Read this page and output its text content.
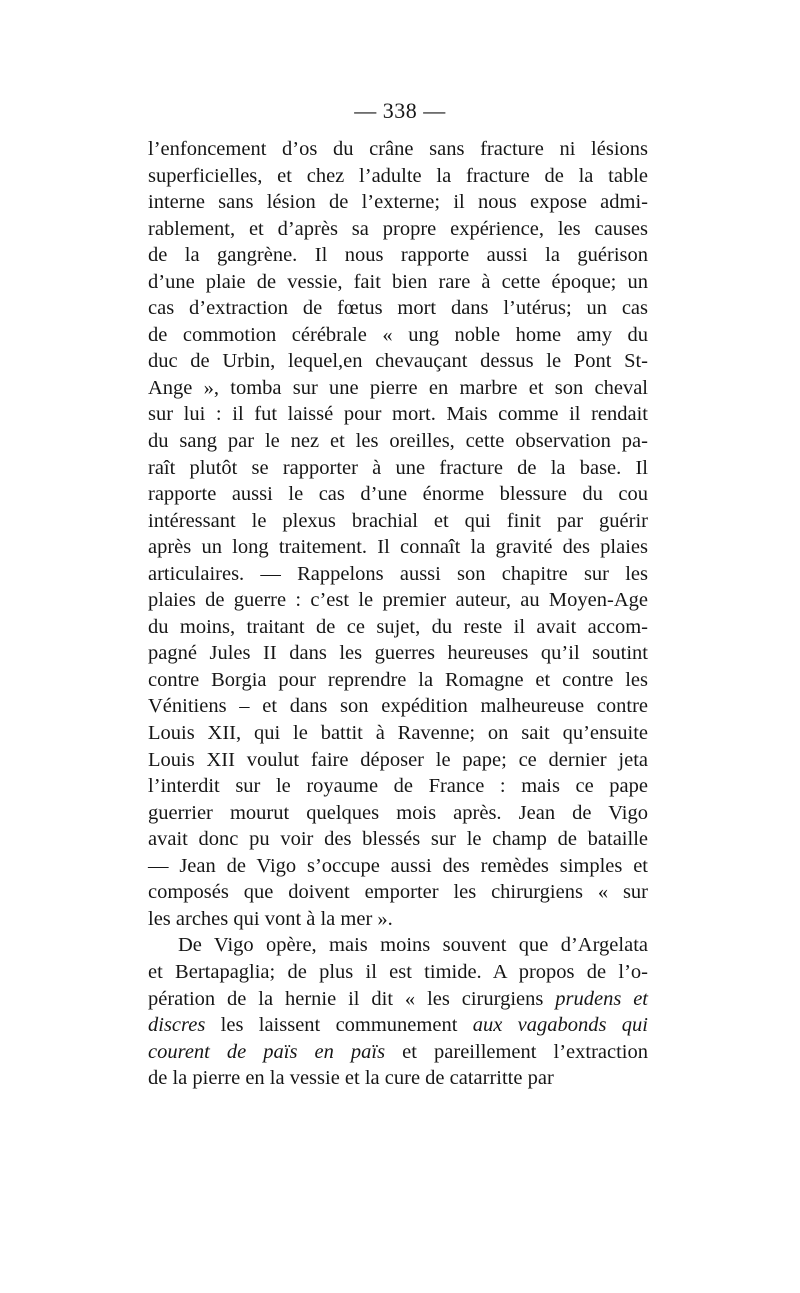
— 338 —
l’enfoncement d’os du crâne sans fracture ni lésions
superficielles, et chez l’adulte la fracture de la table
interne sans lésion de l’externe; il nous expose admi-
rablement, et d’après sa propre expérience, les causes
de la gangrène. Il nous rapporte aussi la guérison
d’une plaie de vessie, fait bien rare à cette époque; un
cas d’extraction de fœtus mort dans l’utérus; un cas
de commotion cérébrale « ung noble home amy du
duc de Urbin, lequel,en chevauçant dessus le Pont St-
Ange », tomba sur une pierre en marbre et son cheval
sur lui : il fut laissé pour mort. Mais comme il rendait
du sang par le nez et les oreilles, cette observation pa-
raît plutôt se rapporter à une fracture de la base. Il
rapporte aussi le cas d’une énorme blessure du cou
intéressant le plexus brachial et qui finit par guérir
après un long traitement. Il connaît la gravité des plaies
articulaires. — Rappelons aussi son chapitre sur les
plaies de guerre : c’est le premier auteur, au Moyen-Age
du moins, traitant de ce sujet, du reste il avait accom-
pagné Jules II dans les guerres heureuses qu’il soutint
contre Borgia pour reprendre la Romagne et contre les
Vénitiens – et dans son expédition malheureuse contre
Louis XII, qui le battit à Ravenne; on sait qu’ensuite
Louis XII voulut faire déposer le pape; ce dernier jeta
l’interdit sur le royaume de France : mais ce pape
guerrier mourut quelques mois après. Jean de Vigo
avait donc pu voir des blessés sur le champ de bataille
— Jean de Vigo s’occupe aussi des remèdes simples et
composés que doivent emporter les chirurgiens « sur
les arches qui vont à la mer ».
De Vigo opère, mais moins souvent que d’Argelata
et Bertapaglia; de plus il est timide. A propos de l’o-
pération de la hernie il dit « les cirurgiens prudens et
discres les laissent communement aux vagabonds qui
courent de païs en païs et pareillement l’extraction
de la pierre en la vessie et la cure de catarritte par
